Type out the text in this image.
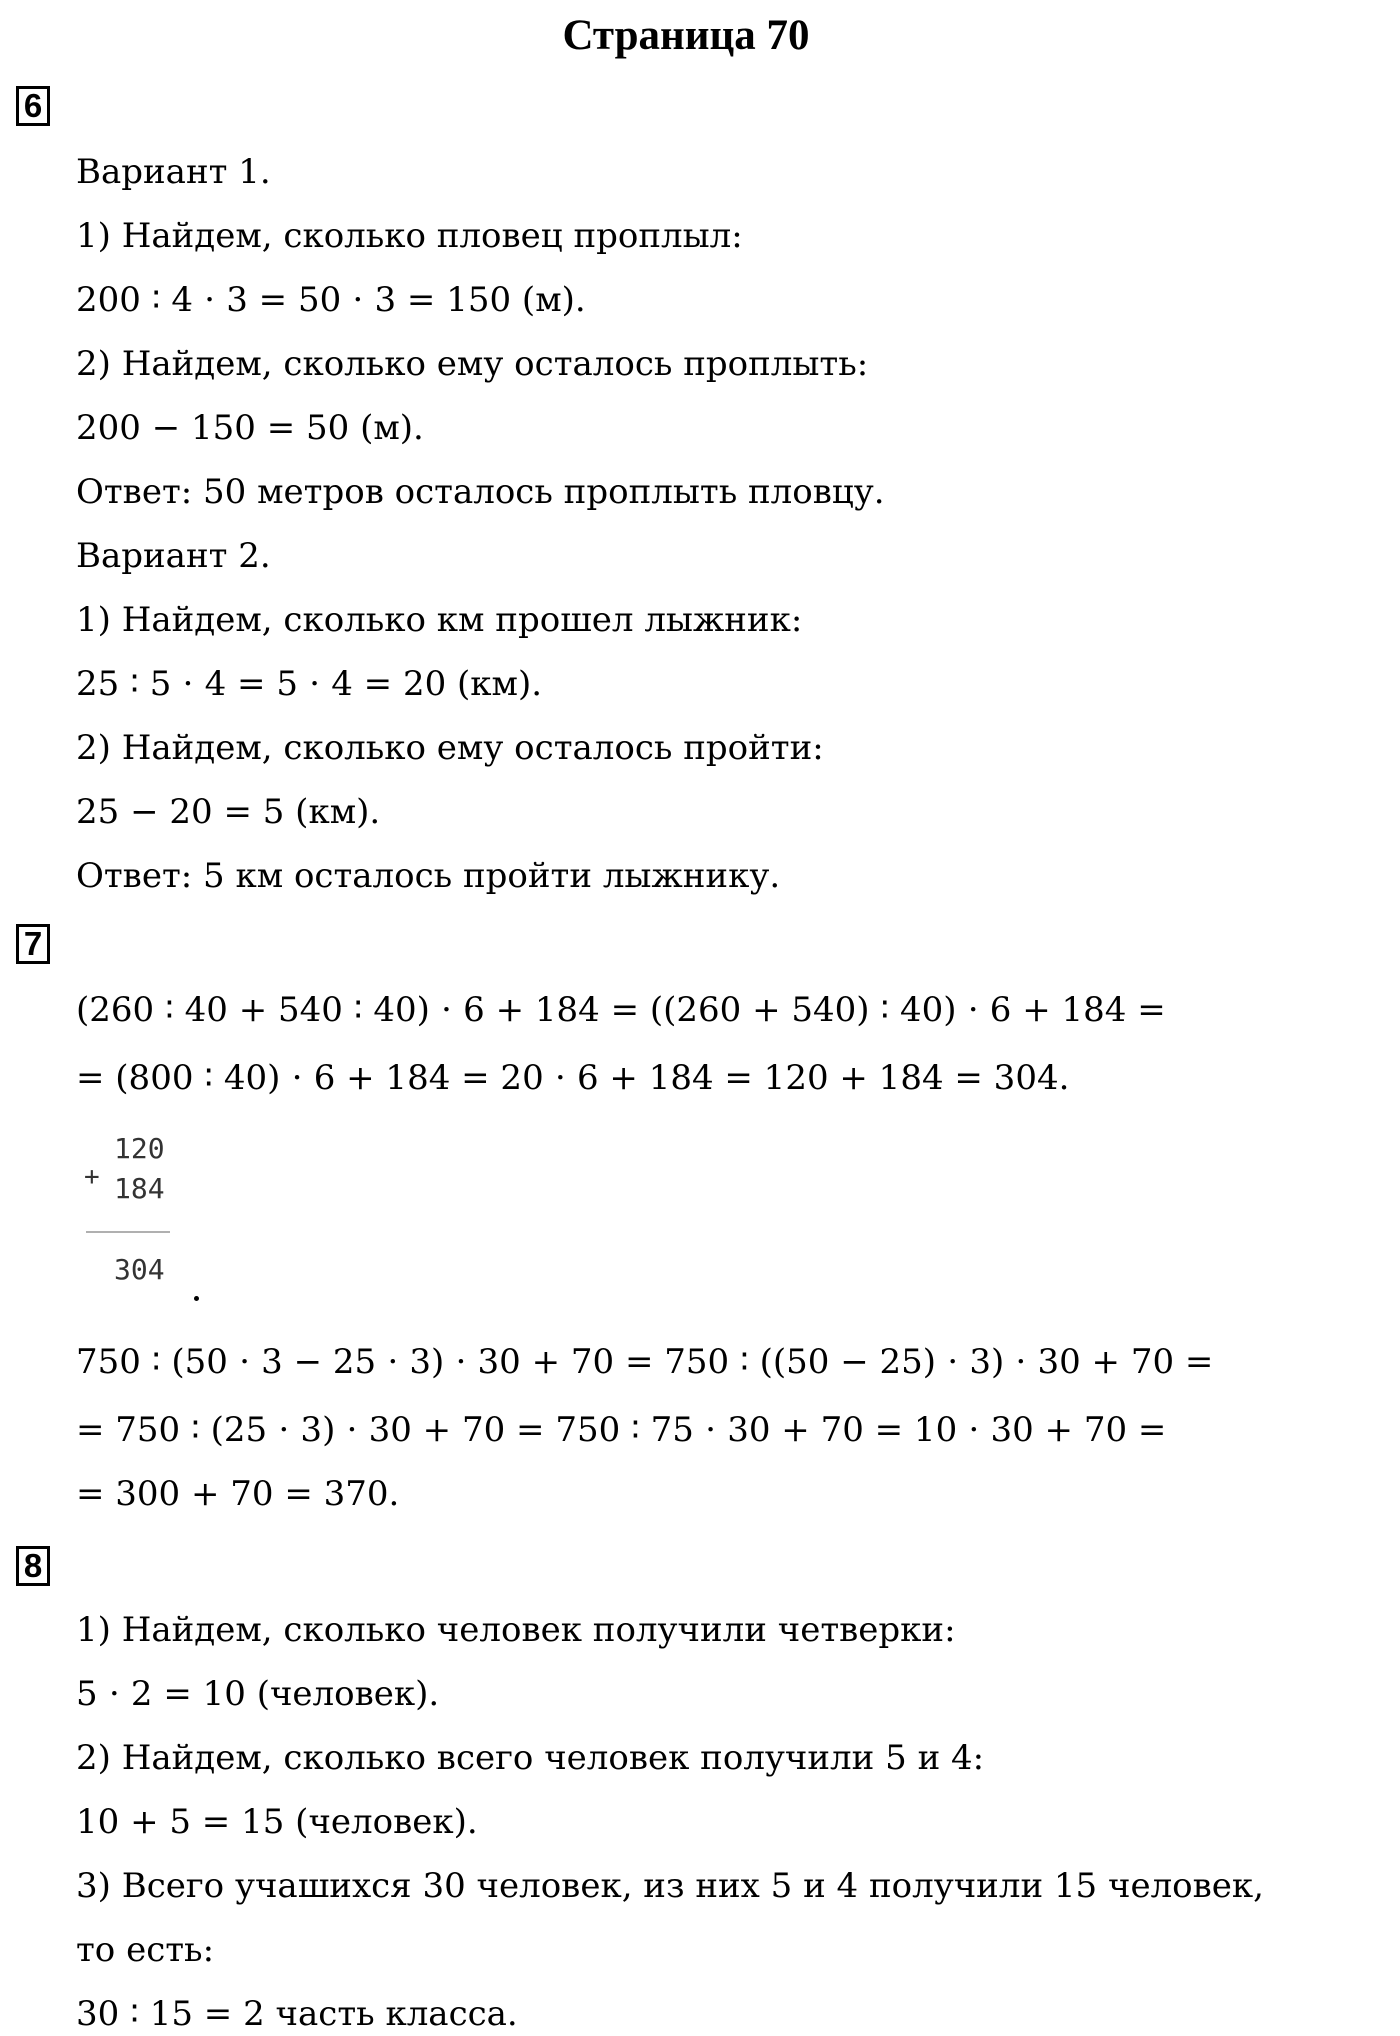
Страница 70
6
Вариант 1.
1) Найдем, сколько пловец проплыл:
200 ∶ 4 ⋅ 3 = 50 ⋅ 3 = 150 (м).
2) Найдем, сколько ему осталось проплыть:
200 − 150 = 50 (м).
Ответ: 50 метров осталось проплыть пловцу.
Вариант 2.
1) Найдем, сколько км прошел лыжник:
25 ∶ 5 ⋅ 4 = 5 ⋅ 4 = 20 (км).
2) Найдем, сколько ему осталось пройти:
25 − 20 = 5 (км).
Ответ: 5 км осталось пройти лыжнику.
7
(260 ∶ 40 + 540 ∶ 40) ⋅ 6 + 184 = ((260 + 540) ∶ 40) ⋅ 6 + 184 =
= (800 ∶ 40) ⋅ 6 + 184 = 20 ⋅ 6 + 184 = 120 + 184 = 304.
+
120
184
304
750 ∶ (50 ⋅ 3 − 25 ⋅ 3) ⋅ 30 + 70 = 750 ∶ ((50 − 25) ⋅ 3) ⋅ 30 + 70 =
= 750 ∶ (25 ⋅ 3) ⋅ 30 + 70 = 750 ∶ 75 ⋅ 30 + 70 = 10 ⋅ 30 + 70 =
= 300 + 70 = 370.
8
1) Найдем, сколько человек получили четверки:
5 ⋅ 2 = 10 (человек).
2) Найдем, сколько всего человек получили 5 и 4:
10 + 5 = 15 (человек).
3) Всего учашихся 30 человек, из них 5 и 4 получили 15 человек,
то есть:
30 ∶ 15 = 2 часть класса.
